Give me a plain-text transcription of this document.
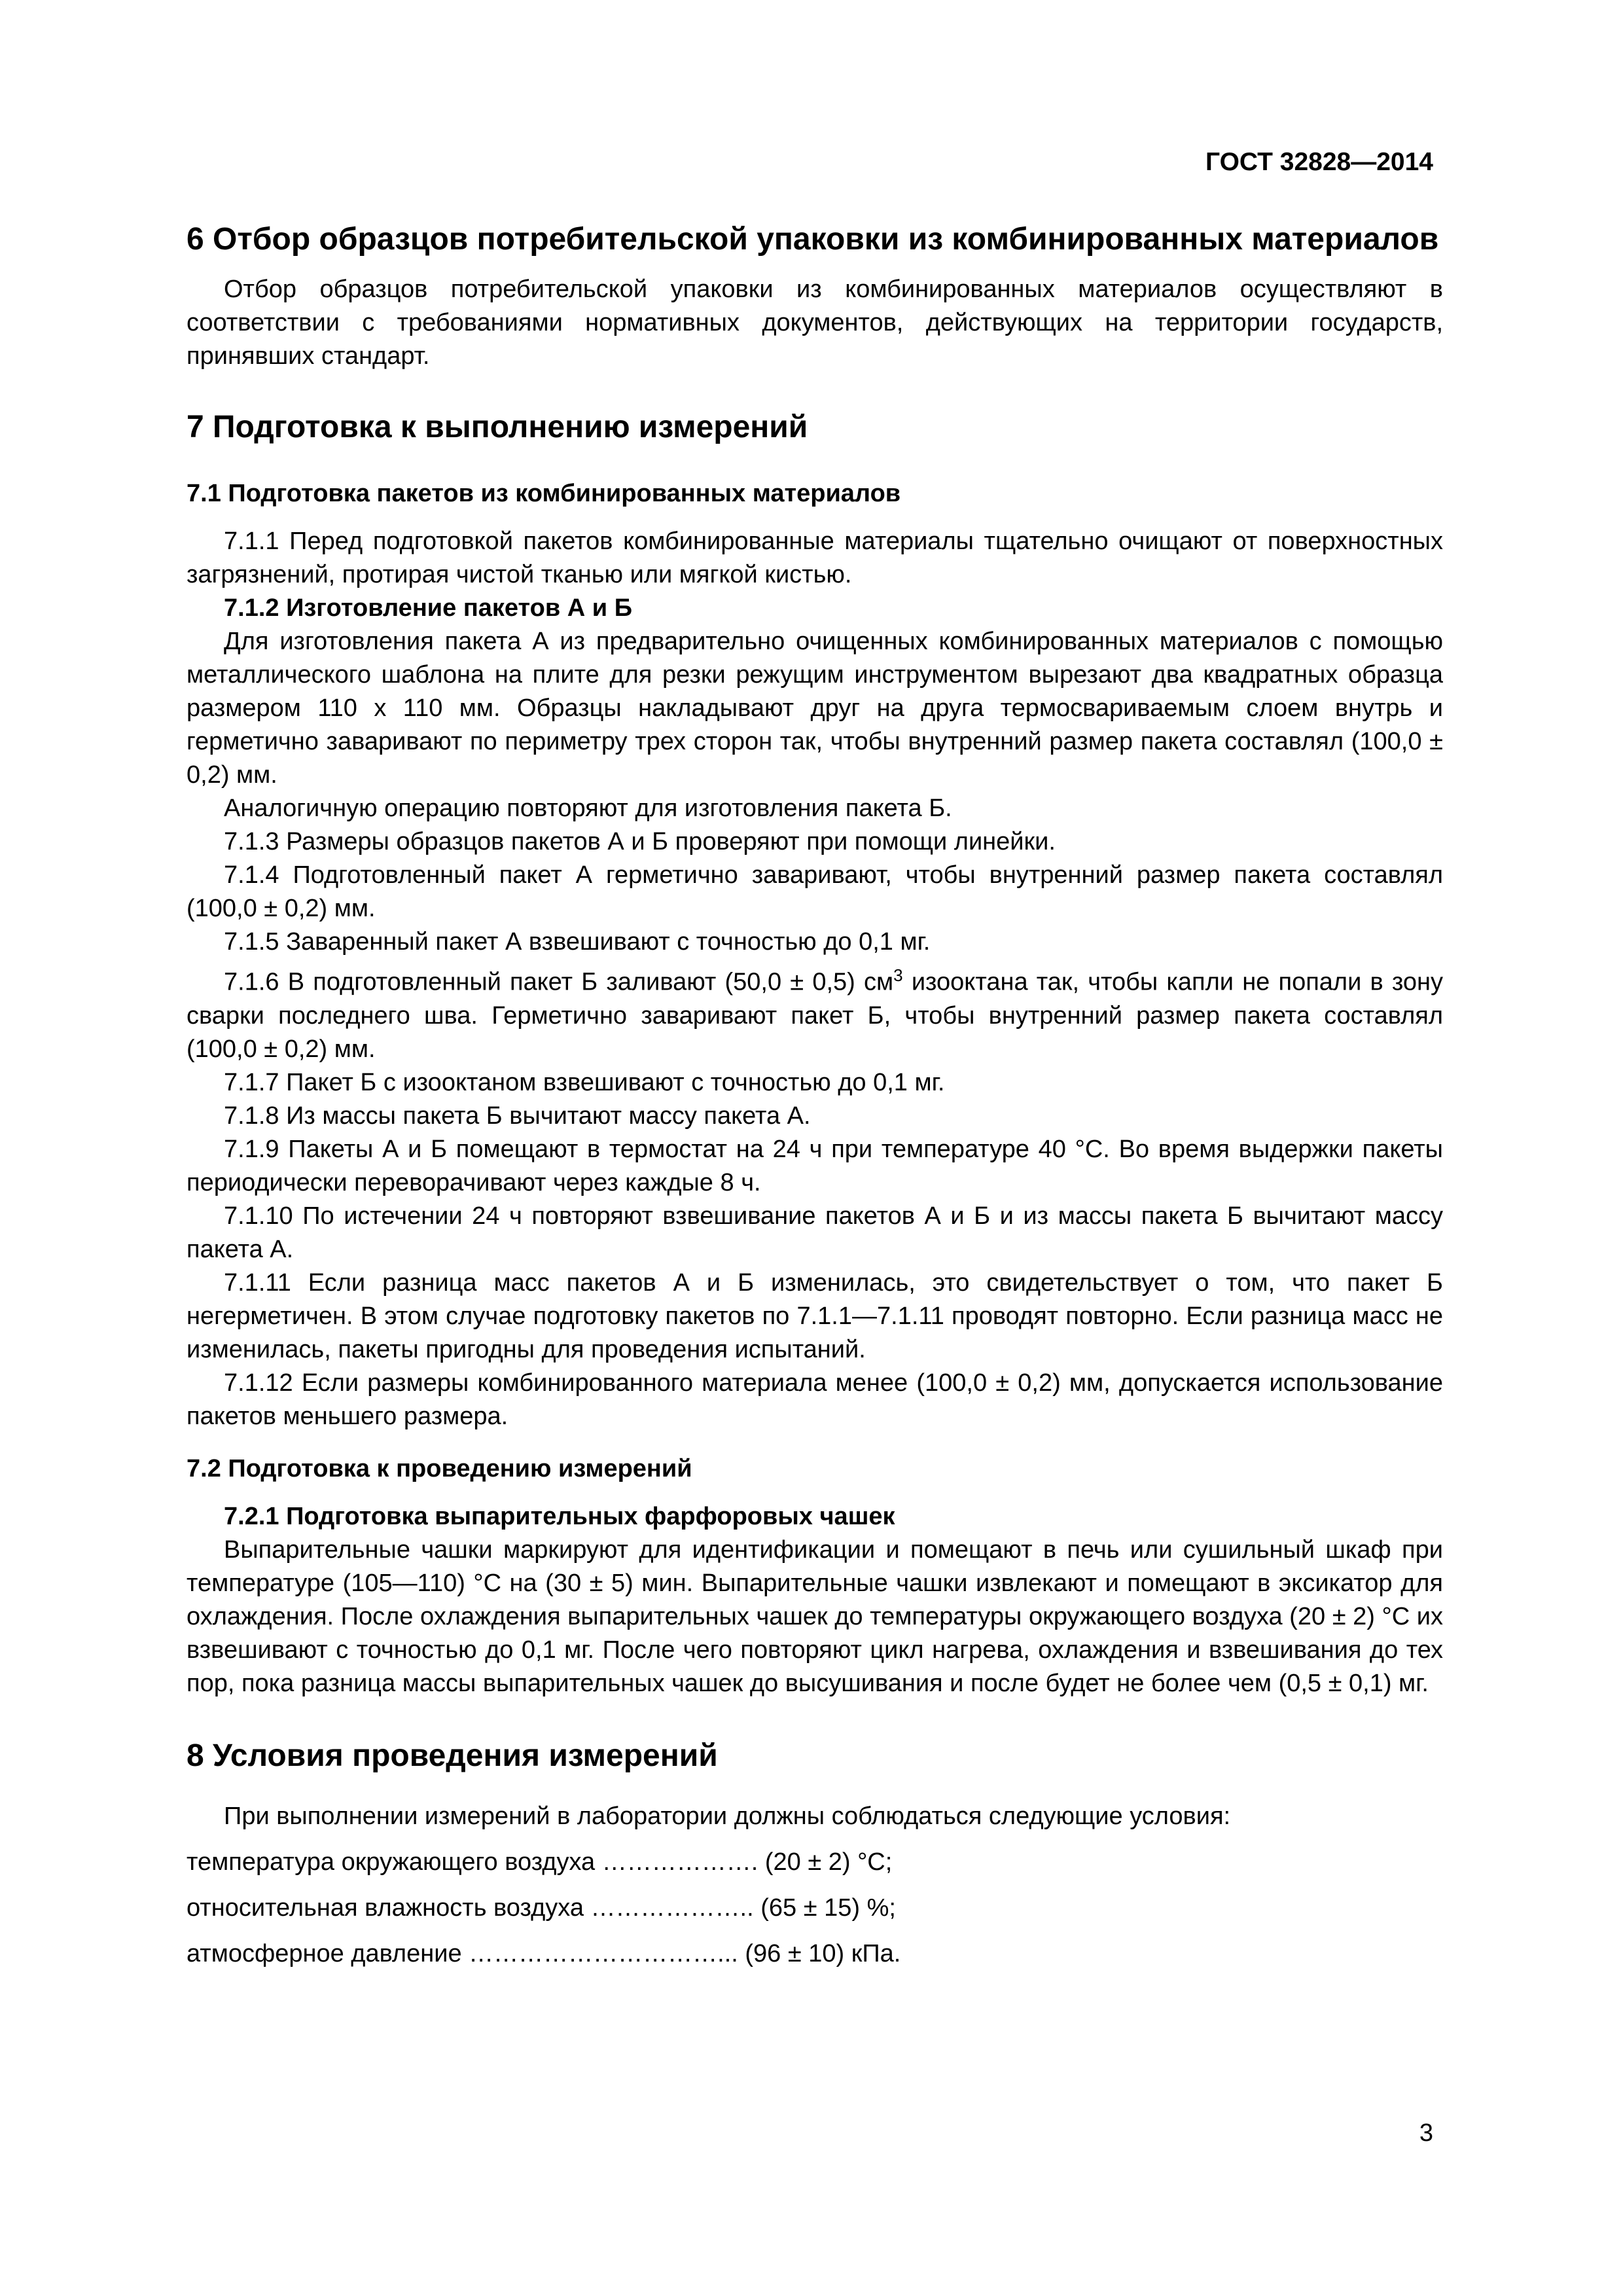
ГОСТ 32828—2014
6 Отбор образцов потребительской упаковки из комбинированных материалов

Отбор образцов потребительской упаковки из комбинированных материалов осуществляют в соответствии с требованиями нормативных документов, действующих на территории государств, принявших стандарт.

7 Подготовка к выполнению измерений
7.1 Подготовка пакетов из комбинированных материалов

7.1.1 Перед подготовкой пакетов комбинированные материалы тщательно очищают от поверхностных загрязнений, протирая чистой тканью или мягкой кистью.

7.1.2 Изготовление пакетов А и Б

Для изготовления пакета А из предварительно очищенных комбинированных материалов с помощью металлического шаблона на плите для резки режущим инструментом вырезают два квадратных образца размером 110 х 110 мм. Образцы накладывают друг на друга термосвариваемым слоем внутрь и герметично заваривают по периметру трех сторон так, чтобы внутренний размер пакета составлял (100,0 ± 0,2) мм.

Аналогичную операцию повторяют для изготовления пакета Б.

7.1.3 Размеры образцов пакетов А и Б проверяют при помощи линейки.

7.1.4 Подготовленный пакет А герметично заваривают, чтобы внутренний размер пакета составлял (100,0 ± 0,2) мм.

7.1.5 Заваренный пакет А взвешивают с точностью до 0,1 мг.

7.1.6 В подготовленный пакет Б заливают (50,0 ± 0,5) $см^3$ изооктана так, чтобы капли не попали в зону сварки последнего шва. Герметично заваривают пакет Б, чтобы внутренний размер пакета составлял (100,0 ± 0,2) мм.

7.1.7 Пакет Б с изооктаном взвешивают с точностью до 0,1 мг.

7.1.8 Из массы пакета Б вычитают массу пакета А.

7.1.9 Пакеты А и Б помещают в термостат на 24 ч при температуре 40 °С. Во время выдержки пакеты периодически переворачивают через каждые 8 ч.

7.1.10 По истечении 24 ч повторяют взвешивание пакетов А и Б и из массы пакета Б вычитают массу пакета А.

7.1.11 Если разница масс пакетов А и Б изменилась, это свидетельствует о том, что пакет Б негерметичен. В этом случае подготовку пакетов по 7.1.1—7.1.11 проводят повторно. Если разница масс не изменилась, пакеты пригодны для проведения испытаний.

7.1.12 Если размеры комбинированного материала менее (100,0 ± 0,2) мм, допускается использование пакетов меньшего размера.

7.2 Подготовка к проведению измерений

7.2.1 Подготовка выпарительных фарфоровых чашек

Выпарительные чашки маркируют для идентификации и помещают в печь или сушильный шкаф при температуре (105—110) °С на (30 ± 5) мин. Выпарительные чашки извлекают и помещают в эксикатор для охлаждения. После охлаждения выпарительных чашек до температуры окружающего воздуха (20 ± 2) °С их взвешивают с точностью до 0,1 мг. После чего повторяют цикл нагрева, охлаждения и взвешивания до тех пор, пока разница массы выпарительных чашек до высушивания и после будет не более чем (0,5 ± 0,1) мг.

8 Условия проведения измерений

При выполнении измерений в лаборатории должны соблюдаться следующие условия:

температура окружающего воздуха ………………. (20 ± 2) °С;

относительная влажность воздуха ……………….. (65 ± 15) %;

атмосферное давление …………………………... (96 ± 10) кПа.

3
